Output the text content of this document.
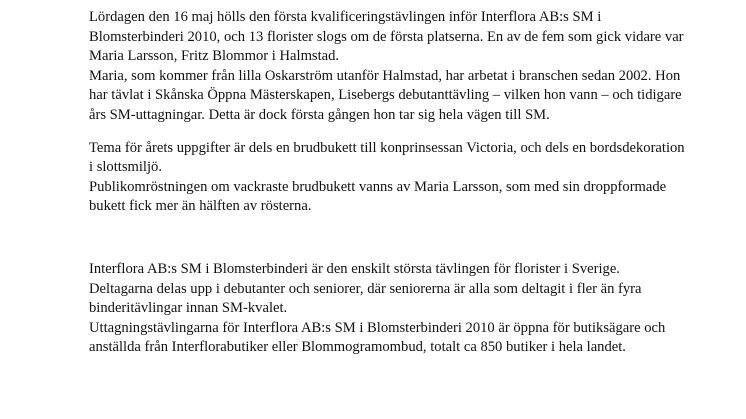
Lördagen den 16 maj hölls den första kvalificeringstävlingen inför Interflora AB:s SM i Blomsterbinderi 2010, och 13 florister slogs om de första platserna. En av de fem som gick vidare var Maria Larsson, Fritz Blommor i Halmstad.

Maria, som kommer från lilla Oskarström utanför Halmstad, har arbetat i branschen sedan 2002. Hon har tävlat i Skånska Öppna Mästerskapen, Lisebergs debutanttävling – vilken hon vann – och tidigare års SM-uttagningar. Detta är dock första gången hon tar sig hela vägen till SM.

Tema för årets uppgifter är dels en brudbukett till konprinsessan Victoria, och dels en bordsdekoration i slottsmiljö.

Publikomröstningen om vackraste brudbukett vanns av Maria Larsson, som med sin droppformade bukett fick mer än hälften av rösterna.

Interflora AB:s SM i Blomsterbinderi är den enskilt största tävlingen för florister i Sverige.

Deltagarna delas upp i debutanter och seniorer, där seniorerna är alla som deltagit i fler än fyra binderitävlingar innan SM-kvalet.

Uttagningstävlingarna för Interflora AB:s SM i Blomsterbinderi 2010 är öppna för butiksägare och anställda från Interflorabutiker eller Blommogramombud, totalt ca 850 butiker i hela landet.
